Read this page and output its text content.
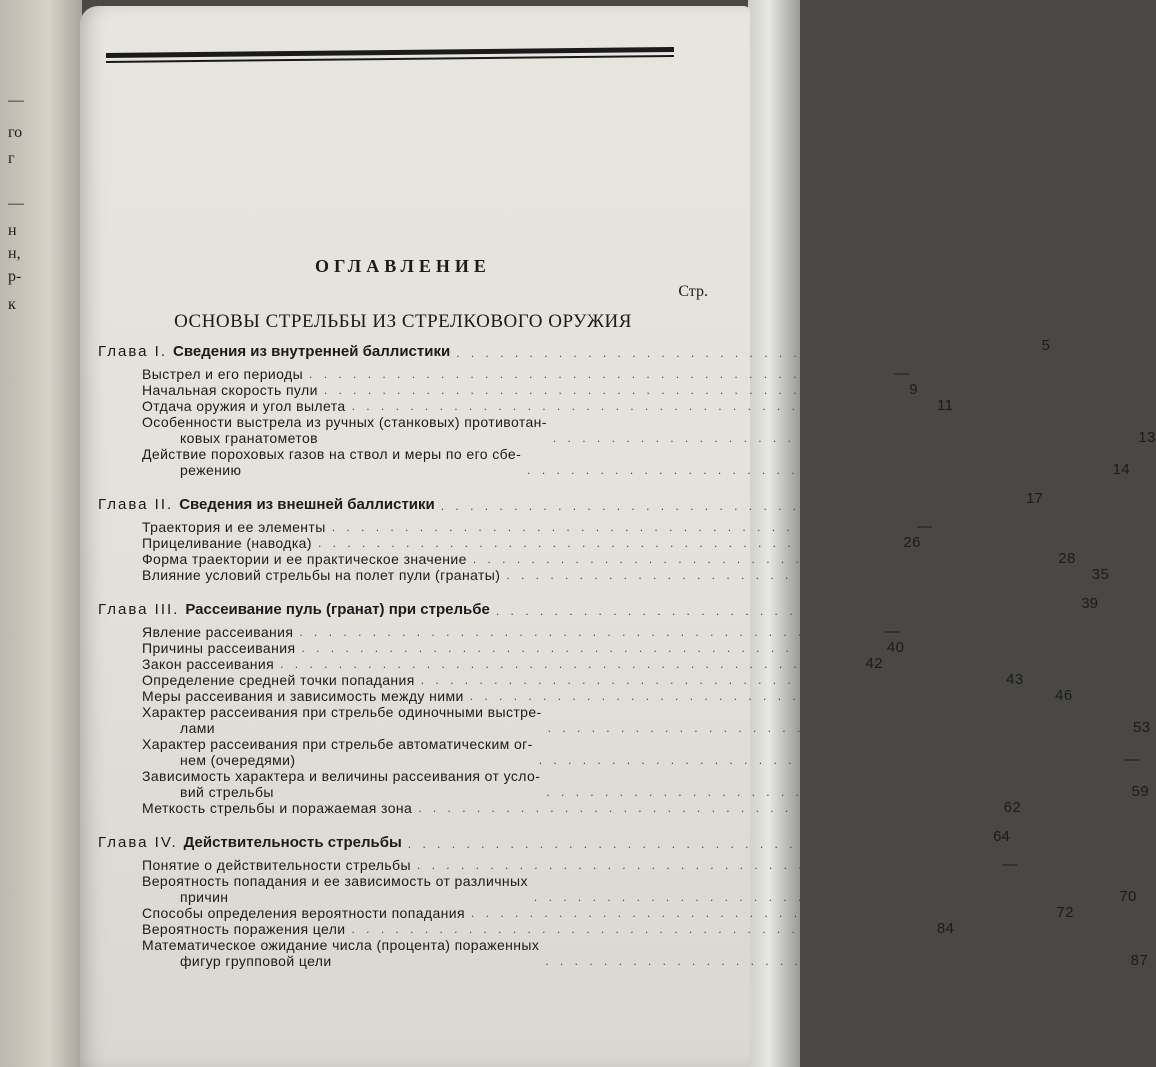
—
го
г
—
н
н,
р-
к
ОГЛАВЛЕНИЕ
Стр.
ОСНОВЫ СТРЕЛЬБЫ ИЗ СТРЕЛКОВОГО ОРУЖИЯ
Глава I. Сведения из внутренней баллистики . . . . . . . . . . . . . . . . . . . . . . . . . . . . . . . . . . . . . . . . 5
Выстрел и его периоды . . . . . . . . . . . . . . . . . . . . . . . . . . . . . . . . . . . . . . . . —
Начальная скорость пули . . . . . . . . . . . . . . . . . . . . . . . . . . . . . . . . . . . . . . . . 9
Отдача оружия и угол вылета . . . . . . . . . . . . . . . . . . . . . . . . . . . . . . . . . . . . . . . . 11
Особенности выстрела из ручных (станковых) противотан-
ковых гранатометов	. . . . . . . . . . . . . . . . . . . . . . . . . . . . . . . . . . . . . . . . 13
Действие пороховых газов на ствол и меры по его сбе-
режению	. . . . . . . . . . . . . . . . . . . . . . . . . . . . . . . . . . . . . . . . 14
Глава II. Сведения из внешней баллистики . . . . . . . . . . . . . . . . . . . . . . . . . . . . . . . . . . . . . . . . 17
Траектория и ее элементы . . . . . . . . . . . . . . . . . . . . . . . . . . . . . . . . . . . . . . . . —
Прицеливание (наводка) . . . . . . . . . . . . . . . . . . . . . . . . . . . . . . . . . . . . . . . . 26
Форма траектории и ее практическое значение . . . . . . . . . . . . . . . . . . . . . . . . . . . . . . . . . . . . . . . . 28
Влияние условий стрельбы на полет пули (гранаты) . . . . . . . . . . . . . . . . . . . . . . . . . . . . . . . . . . . . . . . . 35
Глава III. Рассеивание пуль (гранат) при стрельбе . . . . . . . . . . . . . . . . . . . . . . . . . . . . . . . . . . . . . . . . 39
Явление рассеивания . . . . . . . . . . . . . . . . . . . . . . . . . . . . . . . . . . . . . . . . —
Причины рассеивания . . . . . . . . . . . . . . . . . . . . . . . . . . . . . . . . . . . . . . . . 40
Закон рассеивания . . . . . . . . . . . . . . . . . . . . . . . . . . . . . . . . . . . . . . . . 42
Определение средней точки попадания . . . . . . . . . . . . . . . . . . . . . . . . . . . . . . . . . . . . . . . . 43
Меры рассеивания и зависимость между ними . . . . . . . . . . . . . . . . . . . . . . . . . . . . . . . . . . . . . . . . 46
Характер рассеивания при стрельбе одиночными выстре-
лами	. . . . . . . . . . . . . . . . . . . . . . . . . . . . . . . . . . . . . . . . 53
Характер рассеивания при стрельбе автоматическим ог-
нем (очередями)	. . . . . . . . . . . . . . . . . . . . . . . . . . . . . . . . . . . . . . . . —
Зависимость характера и величины рассеивания от усло-
вий стрельбы	. . . . . . . . . . . . . . . . . . . . . . . . . . . . . . . . . . . . . . . . 59
Меткость стрельбы и поражаемая зона . . . . . . . . . . . . . . . . . . . . . . . . . . . . . . . . . . . . . . . . 62
Глава IV. Действительность стрельбы . . . . . . . . . . . . . . . . . . . . . . . . . . . . . . . . . . . . . . . . 64
Понятие о действительности стрельбы . . . . . . . . . . . . . . . . . . . . . . . . . . . . . . . . . . . . . . . . —
Вероятность попадания и ее зависимость от различных
причин	. . . . . . . . . . . . . . . . . . . . . . . . . . . . . . . . . . . . . . . . 70
Способы определения вероятности попадания . . . . . . . . . . . . . . . . . . . . . . . . . . . . . . . . . . . . . . . . 72
Вероятность поражения цели . . . . . . . . . . . . . . . . . . . . . . . . . . . . . . . . . . . . . . . . 84
Математическое ожидание числа (процента) пораженных
фигур групповой цели	. . . . . . . . . . . . . . . . . . . . . . . . . . . . . . . . . . . . . . . . 87
